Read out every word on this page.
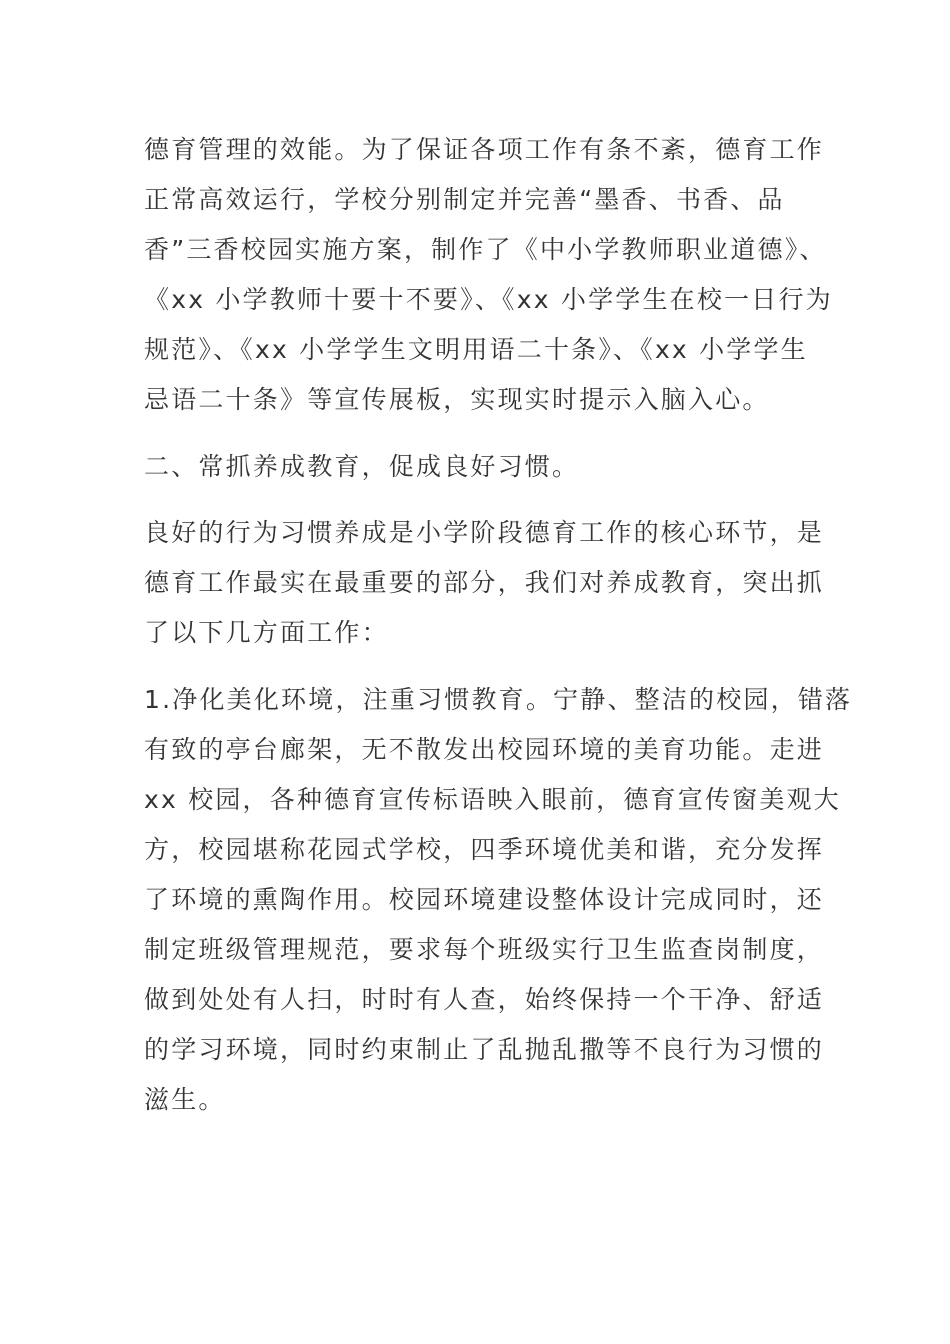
德育管理的效能。为了保证各项工作有条不紊，德育工作
正常高效运行，学校分别制定并完善“墨香、书香、品
香”三香校园实施方案，制作了《中小学教师职业道德》、
《xx 小学教师十要十不要》、《xx 小学学生在校一日行为
规范》、《xx 小学学生文明用语二十条》、《xx 小学学生
忌语二十条》等宣传展板，实现实时提示入脑入心。
二、常抓养成教育，促成良好习惯。
良好的行为习惯养成是小学阶段德育工作的核心环节，是
德育工作最实在最重要的部分，我们对养成教育，突出抓
了以下几方面工作：
1.净化美化环境，注重习惯教育。宁静、整洁的校园，错落
有致的亭台廊架，无不散发出校园环境的美育功能。走进
xx 校园，各种德育宣传标语映入眼前，德育宣传窗美观大
方，校园堪称花园式学校，四季环境优美和谐，充分发挥
了环境的熏陶作用。校园环境建设整体设计完成同时，还
制定班级管理规范，要求每个班级实行卫生监查岗制度，
做到处处有人扫，时时有人查，始终保持一个干净、舒适
的学习环境，同时约束制止了乱抛乱撒等不良行为习惯的
滋生。
